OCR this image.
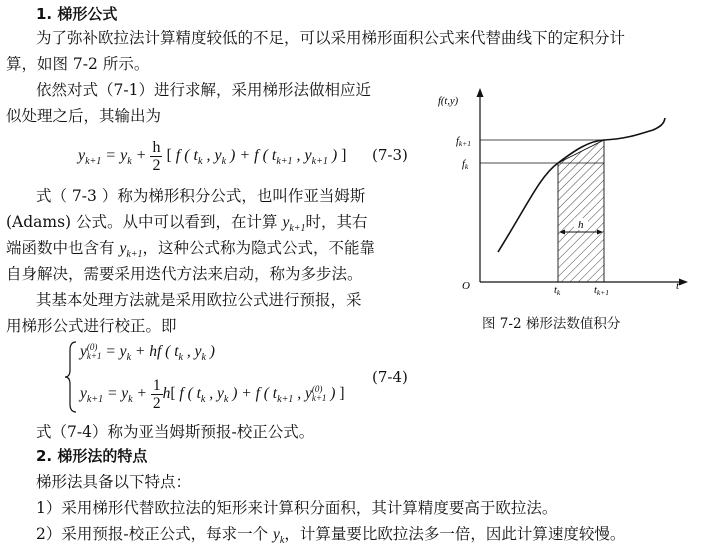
1. 梯形公式
为了弥补欧拉法计算精度较低的不足，可以采用梯形面积公式来代替曲线下的定积分计
算，如图 7-2 所示。
依然对式（7-1）进行求解，采用梯形法做相应近
似处理之后，其输出为
$y_{k+1} = y_k + \frac{h}{2}$ [ f ( $t_k$ , $y_k$ ) + f ( $t_{k+1}$ , $y_{k+1}$ ) ] (7-3)
式（ 7-3 ）称为梯形积分公式，也叫作亚当姆斯
(Adams) 公式。从中可以看到，在计算 $y_{k+1}$时，其右
端函数中也含有 $y_{k+1}$，这种公式称为隐式公式，不能靠
自身解决，需要采用迭代方法来启动，称为多步法。
其基本处理方法就是采用欧拉公式进行预报，采
用梯形公式进行校正。即
y (0)
$k+1 = y_k$ + hf ( $t_k$ , $y_k$ )
$y_{k+1} = y_k + \frac{1}{2} h$[ f ( $t_k$ , $y_k$ ) + f ( $t_{k+1}$ , y (0)
k+1 ) ]
(7-4)
式（7-4）称为亚当姆斯预报-校正公式。
2. 梯形法的特点
梯形法具备以下特点：
1）采用梯形代替欧拉法的矩形来计算积分面积，其计算精度要高于欧拉法。
2）采用预报-校正公式，每求一个 $y_k$，计算量要比欧拉法多一倍，因此计算速度较慢。
h
f(t,y)
t
O
fk+1
fk
tk	tk+1
图 7-2 梯形法数值积分
